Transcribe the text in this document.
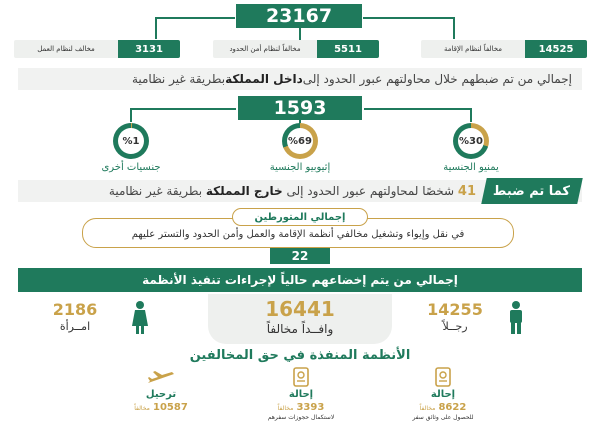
23167
14525
مخالفاً لنظام الإقامة
5511
مخالفاً لنظام أمن الحدود
3131
مخالف لنظام العمل
إجمالي من تم ضبطهم خلال محاولتهم عبور الحدود إلى
داخل المملكة
بطريقة غير نظامية
1593
%30
%69
%1
يمنيو الجنسية
إثيوبيو الجنسية
جنسيات أخرى
كما تم ضبط
41 شخصًا لمحاولتهم عبور الحدود إلى خارج المملكة بطريقة غير نظامية
إجمالي المتورطين
في نقل وإيواء وتشغيل مخالفي أنظمة الإقامة والعمل وأمن الحدود والتستر عليهم
22
إجمالي من يتم إخضاعهم حالياً لإجراءات تنفيذ الأنظمة
16441
وافــداً مخالفاً
14255
رجــلاً
2186
امــرأة
الأنظمة المنفذة في حق المخالفين
إحالة
8622 مخالفاً
للحصول على وثائق سفر
إحالة
3393 مخالفاً
لاستكمال حجوزات سفرهم
ترحيل
10587 مخالفاً
